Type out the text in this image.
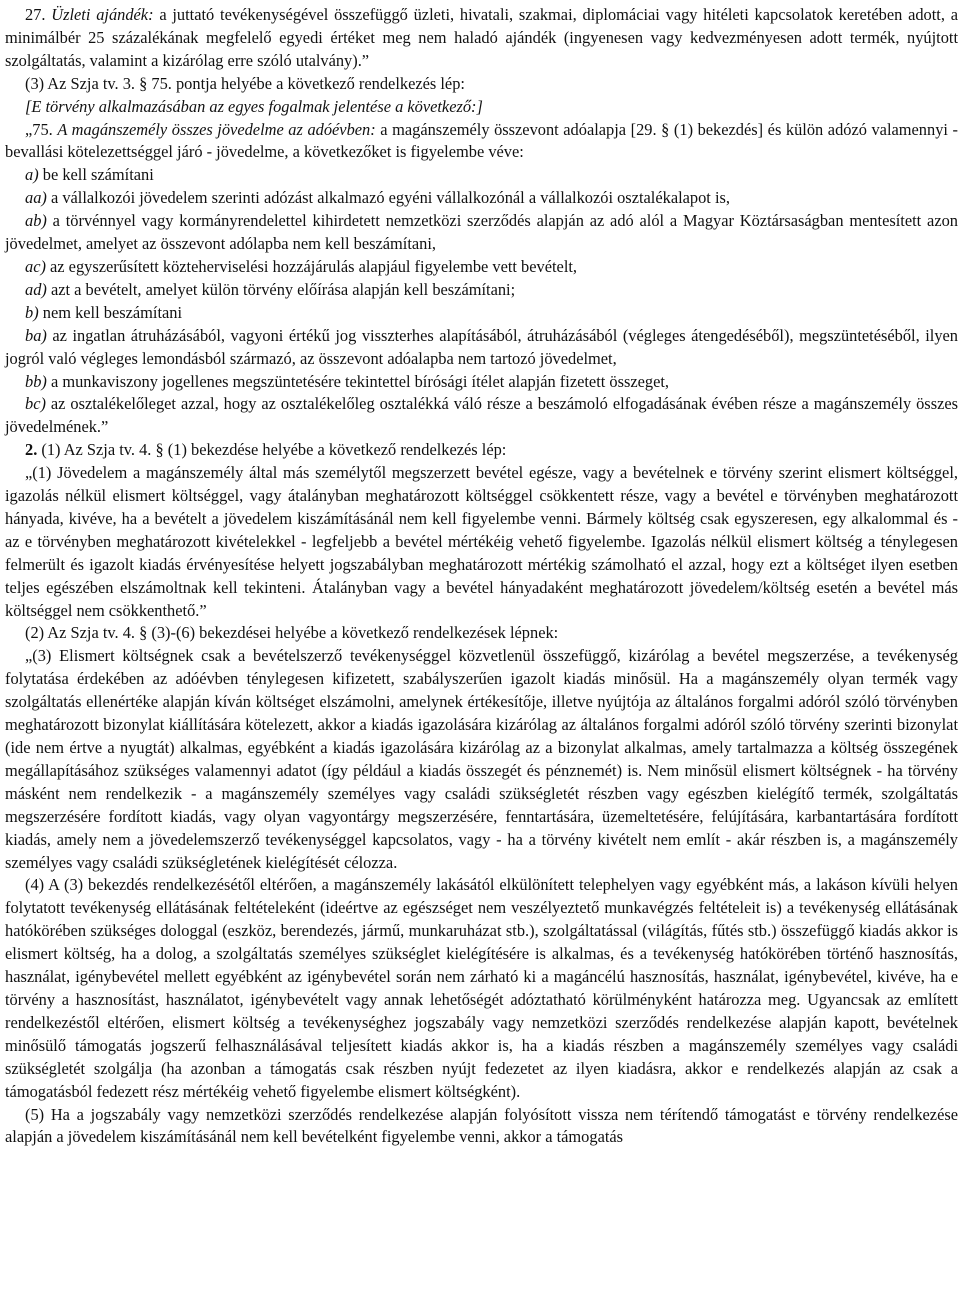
27. Üzleti ajándék: a juttató tevékenységével összefüggő üzleti, hivatali, szakmai, diplomáciai vagy hitéleti kapcsolatok keretében adott, a minimálbér 25 százalékának megfelelő egyedi értéket meg nem haladó ajándék (ingyenesen vagy kedvezményesen adott termék, nyújtott szolgáltatás, valamint a kizárólag erre szóló utalvány).”

(3) Az Szja tv. 3. § 75. pontja helyébe a következő rendelkezés lép:

[E törvény alkalmazásában az egyes fogalmak jelentése a következő:]

„75. A magánszemély összes jövedelme az adóévben: a magánszemély összevont adóalapja [29. § (1) bekezdés] és külön adózó valamennyi - bevallási kötelezettséggel járó - jövedelme, a következőket is figyelembe véve:

a) be kell számítani

aa) a vállalkozói jövedelem szerinti adózást alkalmazó egyéni vállalkozónál a vállalkozói osztalékalapot is,

ab) a törvénnyel vagy kormányrendelettel kihirdetett nemzetközi szerződés alapján az adó alól a Magyar Köztársaságban mentesített azon jövedelmet, amelyet az összevont adólapba nem kell beszámítani,

ac) az egyszerűsített közteherviselési hozzájárulás alapjául figyelembe vett bevételt,

ad) azt a bevételt, amelyet külön törvény előírása alapján kell beszámítani;

b) nem kell beszámítani

ba) az ingatlan átruházásából, vagyoni értékű jog visszterhes alapításából, átruházásából (végleges átengedéséből), megszüntetéséből, ilyen jogról való végleges lemondásból származó, az összevont adóalapba nem tartozó jövedelmet,

bb) a munkaviszony jogellenes megszüntetésére tekintettel bírósági ítélet alapján fizetett összeget,

bc) az osztalékelőleget azzal, hogy az osztalékelőleg osztalékká váló része a beszámoló elfogadásának évében része a magánszemély összes jövedelmének.”

2. (1) Az Szja tv. 4. § (1) bekezdése helyébe a következő rendelkezés lép:

„(1) Jövedelem a magánszemély által más személytől megszerzett bevétel egésze, vagy a bevételnek e törvény szerint elismert költséggel, igazolás nélkül elismert költséggel, vagy átalányban meghatározott költséggel csökkentett része, vagy a bevétel e törvényben meghatározott hányada, kivéve, ha a bevételt a jövedelem kiszámításánál nem kell figyelembe venni. Bármely költség csak egyszeresen, egy alkalommal és - az e törvényben meghatározott kivételekkel - legfeljebb a bevétel mértékéig vehető figyelembe. Igazolás nélkül elismert költség a ténylegesen felmerült és igazolt kiadás érvényesítése helyett jogszabályban meghatározott mértékig számolható el azzal, hogy ezt a költséget ilyen esetben teljes egészében elszámoltnak kell tekinteni. Átalányban vagy a bevétel hányadaként meghatározott jövedelem/költség esetén a bevétel más költséggel nem csökkenthető.”

(2) Az Szja tv. 4. § (3)-(6) bekezdései helyébe a következő rendelkezések lépnek:

„(3) Elismert költségnek csak a bevételszerző tevékenységgel közvetlenül összefüggő, kizárólag a bevétel megszerzése, a tevékenység folytatása érdekében az adóévben ténylegesen kifizetett, szabályszerűen igazolt kiadás minősül. Ha a magánszemély olyan termék vagy szolgáltatás ellenértéke alapján kíván költséget elszámolni, amelynek értékesítője, illetve nyújtója az általános forgalmi adóról szóló törvényben meghatározott bizonylat kiállítására kötelezett, akkor a kiadás igazolására kizárólag az általános forgalmi adóról szóló törvény szerinti bizonylat (ide nem értve a nyugtát) alkalmas, egyébként a kiadás igazolására kizárólag az a bizonylat alkalmas, amely tartalmazza a költség összegének megállapításához szükséges valamennyi adatot (így például a kiadás összegét és pénznemét) is. Nem minősül elismert költségnek - ha törvény másként nem rendelkezik - a magánszemély személyes vagy családi szükségletét részben vagy egészben kielégítő termék, szolgáltatás megszerzésére fordított kiadás, vagy olyan vagyontárgy megszerzésére, fenntartására, üzemeltetésére, felújítására, karbantartására fordított kiadás, amely nem a jövedelemszerző tevékenységgel kapcsolatos, vagy - ha a törvény kivételt nem említ - akár részben is, a magánszemély személyes vagy családi szükségletének kielégítését célozza.

(4) A (3) bekezdés rendelkezésétől eltérően, a magánszemély lakásától elkülönített telephelyen vagy egyébként más, a lakáson kívüli helyen folytatott tevékenység ellátásának feltételeként (ideértve az egészséget nem veszélyeztető munkavégzés feltételeit is) a tevékenység ellátásának hatókörében szükséges dologgal (eszköz, berendezés, jármű, munkaruházat stb.), szolgáltatással (világítás, fűtés stb.) összefüggő kiadás akkor is elismert költség, ha a dolog, a szolgáltatás személyes szükséglet kielégítésére is alkalmas, és a tevékenység hatókörében történő hasznosítás, használat, igénybevétel mellett egyébként az igénybevétel során nem zárható ki a magáncélú hasznosítás, használat, igénybevétel, kivéve, ha e törvény a hasznosítást, használatot, igénybevételt vagy annak lehetőségét adóztatható körülményként határozza meg. Ugyancsak az említett rendelkezéstől eltérően, elismert költség a tevékenységhez jogszabály vagy nemzetközi szerződés rendelkezése alapján kapott, bevételnek minősülő támogatás jogszerű felhasználásával teljesített kiadás akkor is, ha a kiadás részben a magánszemély személyes vagy családi szükségletét szolgálja (ha azonban a támogatás csak részben nyújt fedezetet az ilyen kiadásra, akkor e rendelkezés alapján az csak a támogatásból fedezett rész mértékéig vehető figyelembe elismert költségként).

(5) Ha a jogszabály vagy nemzetközi szerződés rendelkezése alapján folyósított vissza nem térítendő támogatást e törvény rendelkezése alapján a jövedelem kiszámításánál nem kell bevételként figyelembe venni, akkor a támogatás
